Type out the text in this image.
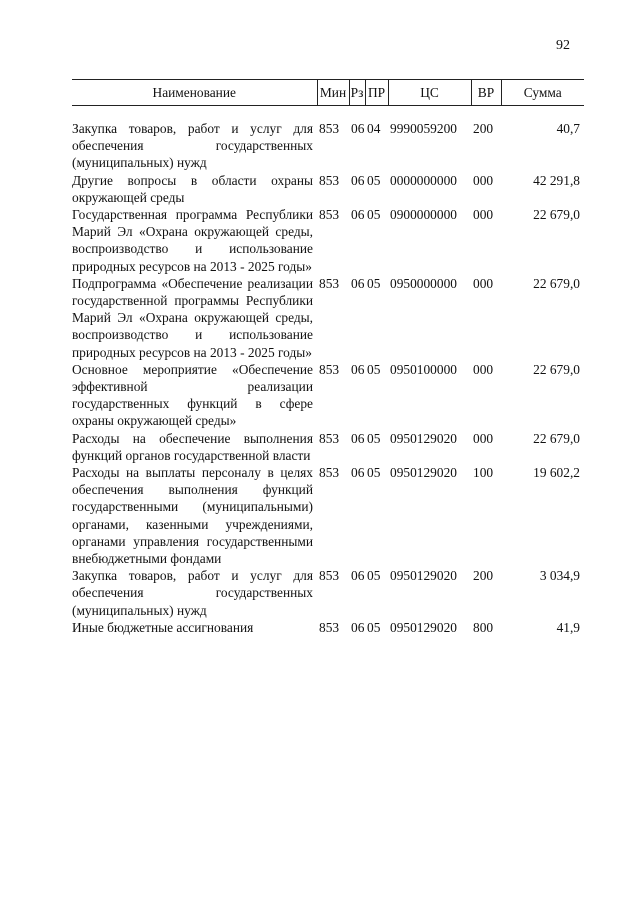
92
Наименование	Мин	Рз	ПР	ЦС	ВР	Сумма

Закупка товаров, работ и услуг для обеспечения государственных (муниципальных) нужд	853	06	04	9990059200	200	40,7
Другие вопросы в области охраны окружающей среды	853	06	05	0000000000	000	42 291,8
Государственная программа Республики Марий Эл «Охрана окружающей среды, воспроизводство и использование природных ресурсов на 2013 - 2025 годы»	853	06	05	0900000000	000	22 679,0
Подпрограмма «Обеспечение реализации государственной программы Республики Марий Эл «Охрана окружающей среды, воспроизводство и использование природных ресурсов на 2013 - 2025 годы»	853	06	05	0950000000	000	22 679,0
Основное мероприятие «Обеспечение эффективной реализации государственных функций в сфере охраны окружающей среды»	853	06	05	0950100000	000	22 679,0
Расходы на обеспечение выполнения функций органов государственной власти	853	06	05	0950129020	000	22 679,0
Расходы на выплаты персоналу в целях обеспечения выполнения функций государственными (муниципальными) органами, казенными учреждениями, органами управления государственными внебюджетными фондами	853	06	05	0950129020	100	19 602,2
Закупка товаров, работ и услуг для обеспечения государственных (муниципальных) нужд	853	06	05	0950129020	200	3 034,9
Иные бюджетные ассигнования	853	06	05	0950129020	800	41,9
